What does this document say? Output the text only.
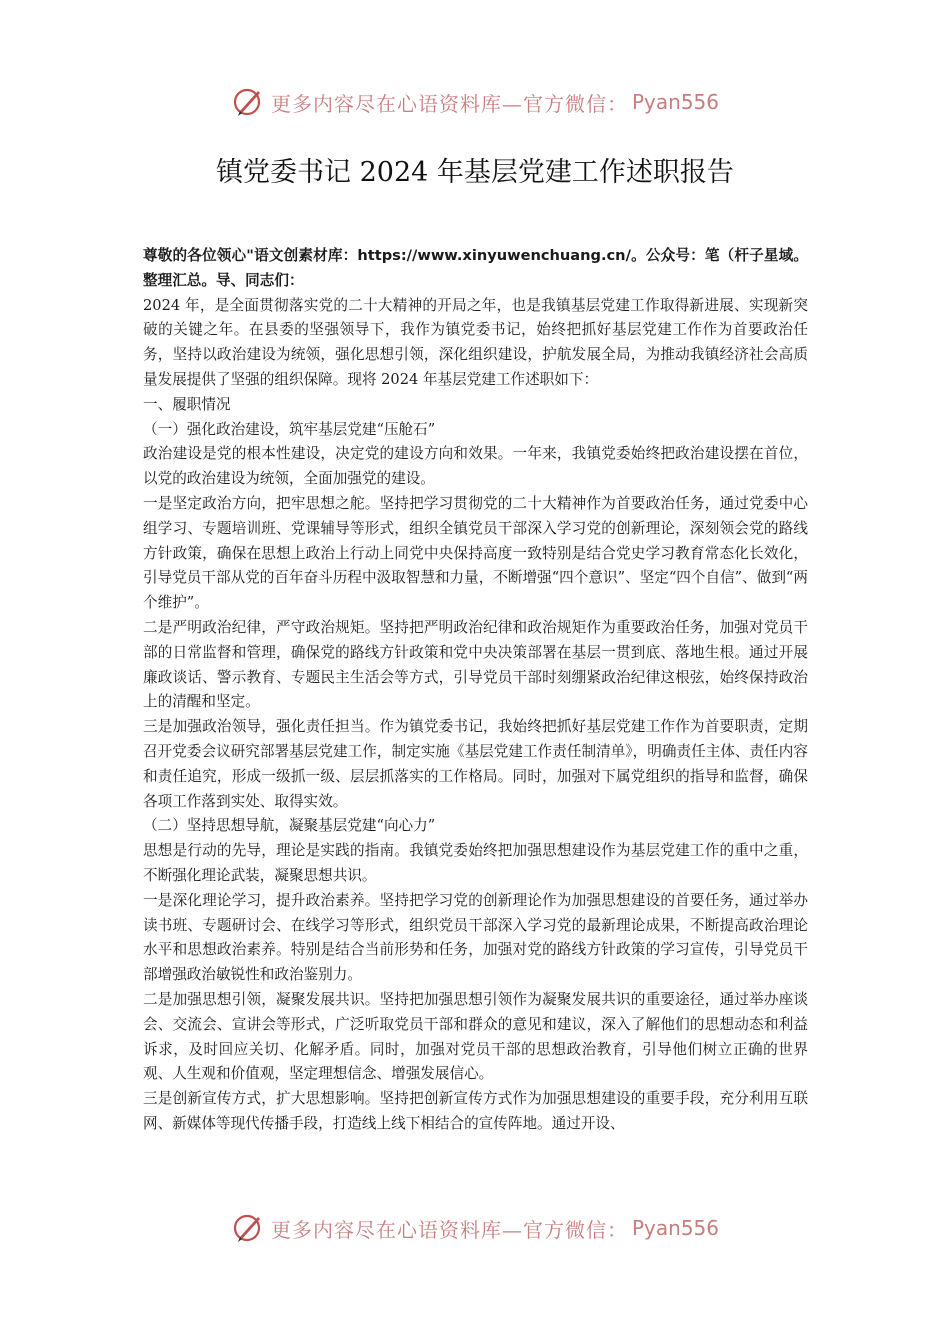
更多内容尽在心语资料库—官方微信： Pyan556
镇党委书记 2024 年基层党建工作述职报告

尊敬的各位领心"语文创素材库：https://www.xinyuwenchuang.cn/。公众号：笔（杆子星域。整理汇总。导、同志们：

2024 年，是全面贯彻落实党的二十大精神的开局之年，也是我镇基层党建工作取得新进展、实现新突破的关键之年。在县委的坚强领导下，我作为镇党委书记，始终把抓好基层党建工作作为首要政治任务，坚持以政治建设为统领，强化思想引领，深化组织建设，护航发展全局，为推动我镇经济社会高质量发展提供了坚强的组织保障。现将 2024 年基层党建工作述职如下：

一、履职情况

（一）强化政治建设，筑牢基层党建“压舱石”

政治建设是党的根本性建设，决定党的建设方向和效果。一年来，我镇党委始终把政治建设摆在首位，以党的政治建设为统领，全面加强党的建设。

一是坚定政治方向，把牢思想之舵。坚持把学习贯彻党的二十大精神作为首要政治任务，通过党委中心组学习、专题培训班、党课辅导等形式，组织全镇党员干部深入学习党的创新理论，深刻领会党的路线方针政策，确保在思想上政治上行动上同党中央保持高度一致特别是结合党史学习教育常态化长效化，引导党员干部从党的百年奋斗历程中汲取智慧和力量，不断增强“四个意识”、坚定“四个自信”、做到“两个维护”。

二是严明政治纪律，严守政治规矩。坚持把严明政治纪律和政治规矩作为重要政治任务，加强对党员干部的日常监督和管理，确保党的路线方针政策和党中央决策部署在基层一贯到底、落地生根。通过开展廉政谈话、警示教育、专题民主生活会等方式，引导党员干部时刻绷紧政治纪律这根弦，始终保持政治上的清醒和坚定。

三是加强政治领导，强化责任担当。作为镇党委书记，我始终把抓好基层党建工作作为首要职责，定期召开党委会议研究部署基层党建工作，制定实施《基层党建工作责任制清单》，明确责任主体、责任内容和责任追究，形成一级抓一级、层层抓落实的工作格局。同时，加强对下属党组织的指导和监督，确保各项工作落到实处、取得实效。

（二）坚持思想导航，凝聚基层党建“向心力”

思想是行动的先导，理论是实践的指南。我镇党委始终把加强思想建设作为基层党建工作的重中之重，不断强化理论武装，凝聚思想共识。

一是深化理论学习，提升政治素养。坚持把学习党的创新理论作为加强思想建设的首要任务，通过举办读书班、专题研讨会、在线学习等形式，组织党员干部深入学习党的最新理论成果，不断提高政治理论水平和思想政治素养。特别是结合当前形势和任务，加强对党的路线方针政策的学习宣传，引导党员干部增强政治敏锐性和政治鉴别力。

二是加强思想引领，凝聚发展共识。坚持把加强思想引领作为凝聚发展共识的重要途径，通过举办座谈会、交流会、宣讲会等形式，广泛听取党员干部和群众的意见和建议，深入了解他们的思想动态和利益诉求，及时回应关切、化解矛盾。同时，加强对党员干部的思想政治教育，引导他们树立正确的世界观、人生观和价值观，坚定理想信念、增强发展信心。

三是创新宣传方式，扩大思想影响。坚持把创新宣传方式作为加强思想建设的重要手段，充分利用互联网、新媒体等现代传播手段，打造线上线下相结合的宣传阵地。通过开设、

更多内容尽在心语资料库—官方微信： Pyan556
